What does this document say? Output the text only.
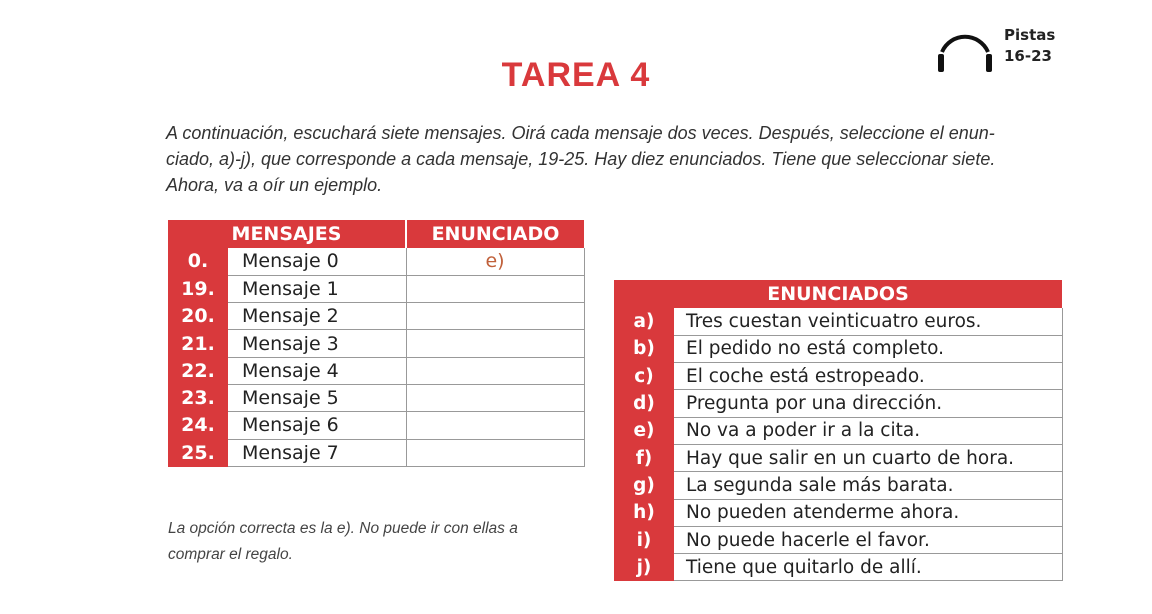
Pistas
16-23
TAREA 4
A continuación, escuchará siete mensajes. Oirá cada mensaje dos veces. Después, seleccione el enun-
ciado, a)-j), que corresponde a cada mensaje, 19-25. Hay diez enunciados. Tiene que seleccionar siete.
Ahora, va a oír un ejemplo.
MENSAJES		ENUNCIADO
0.	Mensaje 0	e)
19.	Mensaje 1	
20.	Mensaje 2	
21.	Mensaje 3	
22.	Mensaje 4	
23.	Mensaje 5	
24.	Mensaje 6	
25.	Mensaje 7	
La opción correcta es la e). No puede ir con ellas a
comprar el regalo.
ENUNCIADOS	
a)	Tres cuestan veinticuatro euros.
b)	El pedido no está completo.
c)	El coche está estropeado.
d)	Pregunta por una dirección.
e)	No va a poder ir a la cita.
f)	Hay que salir en un cuarto de hora.
g)	La segunda sale más barata.
h)	No pueden atenderme ahora.
i)	No puede hacerle el favor.
j)	Tiene que quitarlo de allí.
